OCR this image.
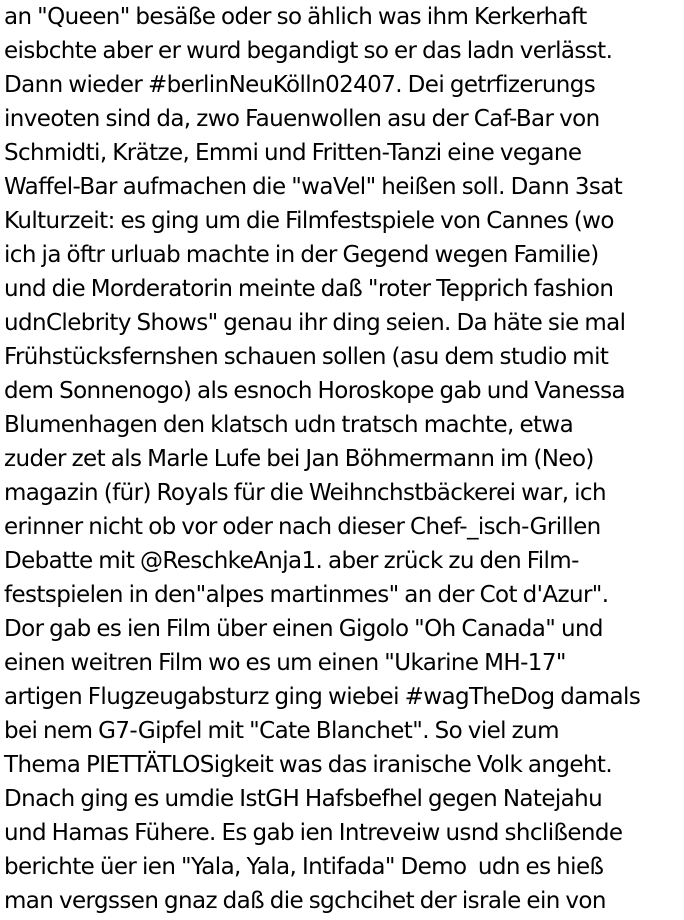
an "Queen" besäße oder so ählich was ihm Kerkerhaft
eisbchte aber er wurd begandigt so er das ladn verlässt.
Dann wieder #berlinNeuKölln02407. Dei getrfizerungs
inveoten sind da, zwo Fauenwollen asu der Caf-Bar von
Schmidti, Krätze, Emmi und Fritten-Tanzi eine vegane
Waffel-Bar aufmachen die "waVel" heißen soll. Dann 3sat
Kulturzeit: es ging um die Filmfestspiele von Cannes (wo
ich ja öftr urluab machte in der Gegend wegen Familie)
und die Morderatorin meinte daß "roter Tepprich fashion
udnClebrity Shows" genau ihr ding seien. Da häte sie mal
Frühstücksfernshen schauen sollen (asu dem studio mit
dem Sonnenogo) als esnoch Horoskope gab und Vanessa
Blumenhagen den klatsch udn tratsch machte, etwa
zuder zet als Marle Lufe bei Jan Böhmermann im (Neo)
magazin (für) Royals für die Weihnchstbäckerei war, ich
erinner nicht ob vor oder nach dieser Chef-_isch-Grillen
Debatte mit @ReschkeAnja1. aber zrück zu den Film-
festspielen in den"alpes martinmes" an der Cot d'Azur".
Dor gab es ien Film über einen Gigolo "Oh Canada" und
einen weitren Film wo es um einen "Ukarine MH-17"
artigen Flugzeugabsturz ging wiebei #wagTheDog damals
bei nem G7-Gipfel mit "Cate Blanchet". So viel zum
Thema PIETTÄTLOSigkeit was das iranische Volk angeht.
Dnach ging es umdie IstGH Hafsbefhel gegen Natejahu
und Hamas Fühere. Es gab ien Intreveiw usnd shclißende
berichte üer ien "Yala, Yala, Intifada" Demo  udn es hieß
man vergssen gnaz daß die sgchcihet der israle ein von
